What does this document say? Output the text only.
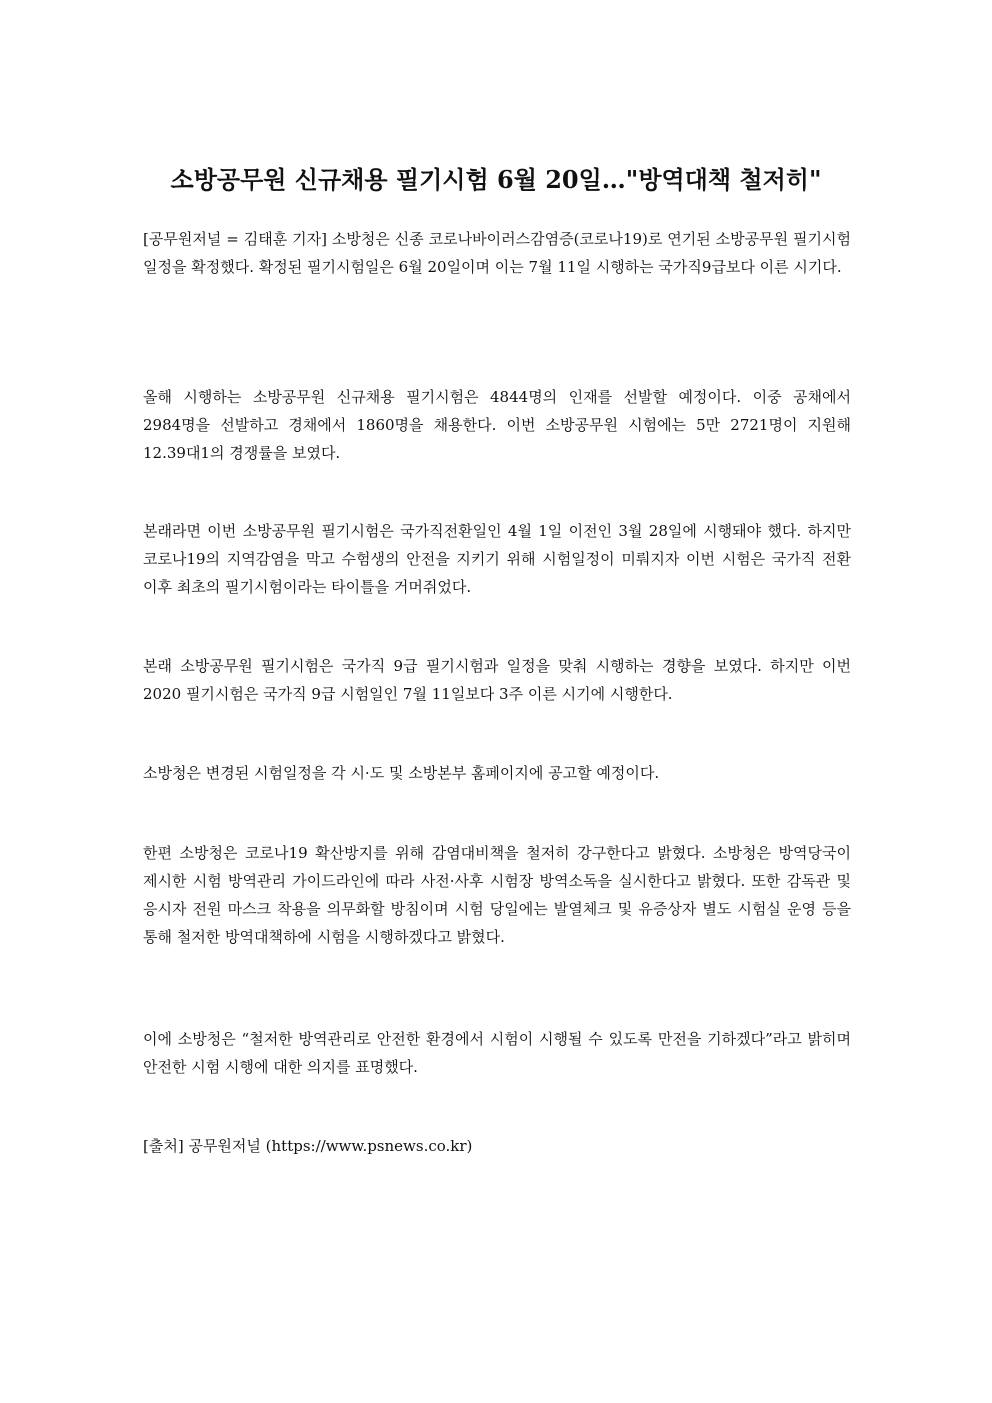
소방공무원 신규채용 필기시험 6월 20일…"방역대책 철저히"

[공무원저널 = 김태훈 기자] 소방청은 신종 코로나바이러스감염증(코로나19)로 연기된 소방공무원 필기시험 일정을 확정했다. 확정된 필기시험일은 6월 20일이며 이는 7월 11일 시행하는 국가직9급보다 이른 시기다.

올해 시행하는 소방공무원 신규채용 필기시험은 4844명의 인재를 선발할 예정이다. 이중 공채에서 2984명을 선발하고 경채에서 1860명을 채용한다. 이번 소방공무원 시험에는 5만 2721명이 지원해 12.39대1의 경쟁률을 보였다.

본래라면 이번 소방공무원 필기시험은 국가직전환일인 4월 1일 이전인 3월 28일에 시행돼야 했다. 하지만 코로나19의 지역감염을 막고 수험생의 안전을 지키기 위해 시험일정이 미뤄지자 이번 시험은 국가직 전환 이후 최초의 필기시험이라는 타이틀을 거머쥐었다.

본래 소방공무원 필기시험은 국가직 9급 필기시험과 일정을 맞춰 시행하는 경향을 보였다. 하지만 이번 2020 필기시험은 국가직 9급 시험일인 7월 11일보다 3주 이른 시기에 시행한다.

소방청은 변경된 시험일정을 각 시·도 및 소방본부 홈페이지에 공고할 예정이다.

한편 소방청은 코로나19 확산방지를 위해 감염대비책을 철저히 강구한다고 밝혔다. 소방청은 방역당국이 제시한 시험 방역관리 가이드라인에 따라 사전·사후 시험장 방역소독을 실시한다고 밝혔다. 또한 감독관 및 응시자 전원 마스크 착용을 의무화할 방침이며 시험 당일에는 발열체크 및 유증상자 별도 시험실 운영 등을 통해 철저한 방역대책하에 시험을 시행하겠다고 밝혔다.

이에 소방청은 “철저한 방역관리로 안전한 환경에서 시험이 시행될 수 있도록 만전을 기하겠다”라고 밝히며 안전한 시험 시행에 대한 의지를 표명했다.

[출처] 공무원저널 (https://www.psnews.co.kr)
